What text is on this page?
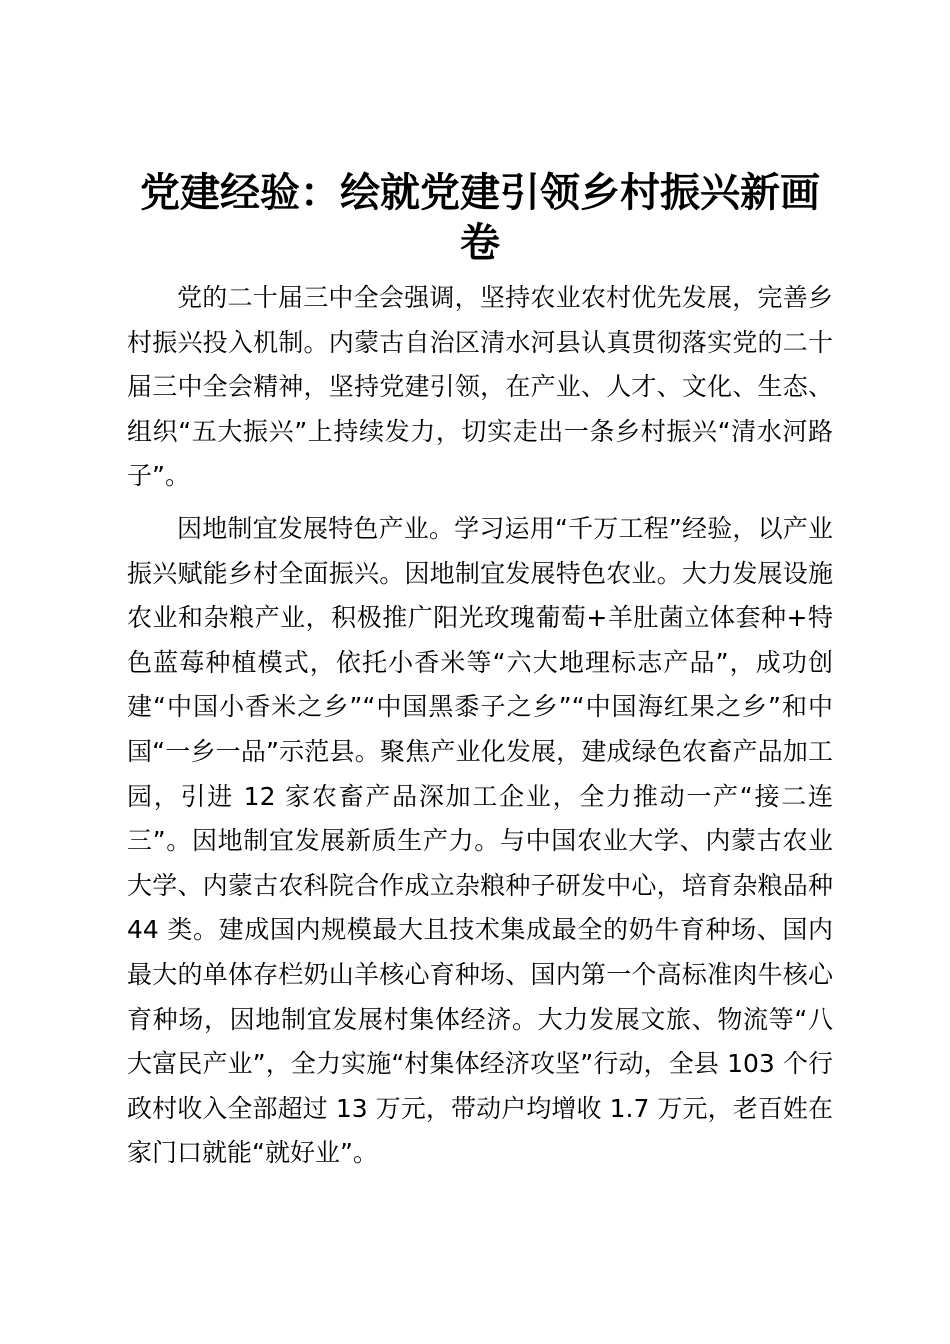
党建经验：绘就党建引领乡村振兴新画卷

党的二十届三中全会强调，坚持农业农村优先发展，完善乡村振兴投入机制。内蒙古自治区清水河县认真贯彻落实党的二十届三中全会精神，坚持党建引领，在产业、人才、文化、生态、组织“五大振兴”上持续发力，切实走出一条乡村振兴“清水河路子”。

因地制宜发展特色产业。学习运用“千万工程”经验，以产业振兴赋能乡村全面振兴。因地制宜发展特色农业。大力发展设施农业和杂粮产业，积极推广阳光玫瑰葡萄+羊肚菌立体套种+特色蓝莓种植模式，依托小香米等“六大地理标志产品”，成功创建“中国小香米之乡”“中国黑黍子之乡”“中国海红果之乡”和中国“一乡一品”示范县。聚焦产业化发展，建成绿色农畜产品加工园，引进 12 家农畜产品深加工企业，全力推动一产“接二连三”。因地制宜发展新质生产力。与中国农业大学、内蒙古农业大学、内蒙古农科院合作成立杂粮种子研发中心，培育杂粮品种 44 类。建成国内规模最大且技术集成最全的奶牛育种场、国内最大的单体存栏奶山羊核心育种场、国内第一个高标准肉牛核心育种场，因地制宜发展村集体经济。大力发展文旅、物流等“八大富民产业”，全力实施“村集体经济攻坚”行动，全县 103 个行政村收入全部超过 13 万元，带动户均增收 1.7 万元，老百姓在家门口就能“就好业”。
